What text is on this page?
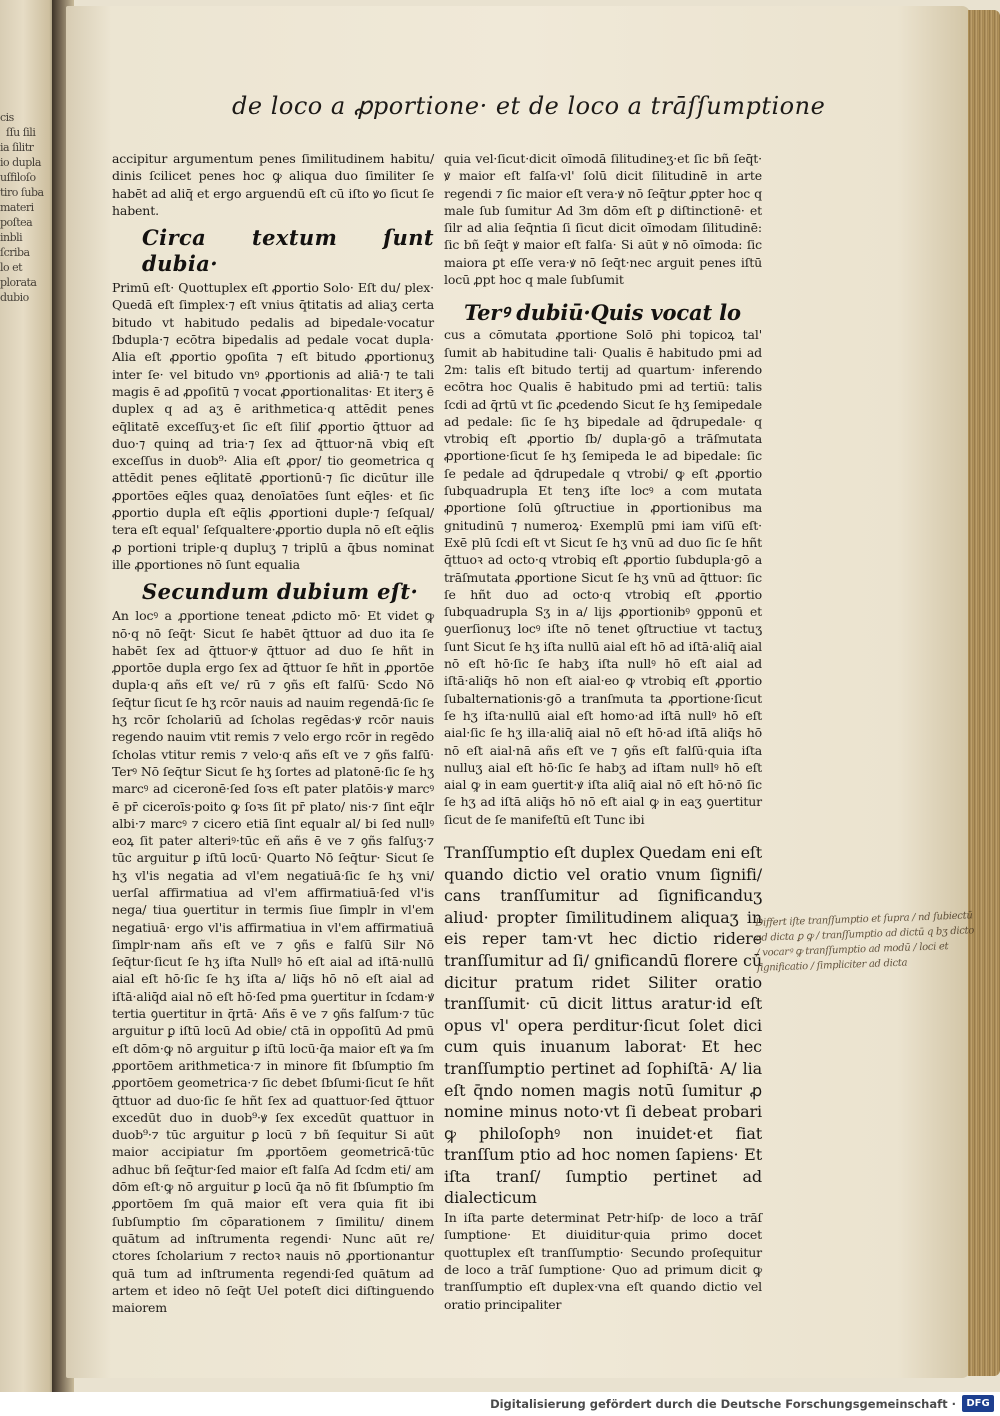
cis
ſſu ſili
ia ſilitr
io dupla
uſfiloſo
tiro ſuba
materi
poſtea
inbli
ſcriba
lo et
plorata
dubio
de loco a ꝓportione· et de loco a trāſſumptione

accipitur argumentum penes ſimilitudinem habitu/ dinis ſcilicet penes hoc ꝙ aliqua duo ſimiliter ſe habēt ad aliq̄ et ergo arguendū eſt cū iſto ꝟo ſicut ſe habent.

Circa textum ſunt dubia·

Primū eſt· Quottuplex eſt ꝓportio Solo· Eſt du/ plex· Quedā eſt ſimplex·⁊ eſt vnius q̄titatis ad aliaʒ certa bitudo vt habitudo pedalis ad bipedale·vocatur ſbdupla·⁊ ecōtra bipedalis ad pedale vocat dupla· Alia eſt ꝓportio ꝯpoſita ⁊ eſt bitudo ꝓportionuʒ inter ſe· vel bitudo vnꝰ ꝓportionis ad aliā·⁊ te tali magis ē ad ꝓpoſitū ⁊ vocat ꝓportionalitas· Et iterʒ ē duplex q ad aʒ ē arithmetica·q attēdit penes eq̄litatē exceſſuʒ·et ſic eſt ſiliſ ꝓportio q̄ttuor ad duo·⁊ quinq ad tria·⁊ ſex ad q̄ttuor·nā vbiq eſt exceſſus in duob⁹· Alia eſt ꝓpor/ tio geometrica q attēdit penes eq̄litatē ꝓportionū·⁊ ſic dicūtur ille ꝓportōes eq̄les quaꝝ denoīatōes ſunt eq̄les· et ſic ꝓportio dupla eſt eq̄lis ꝓportioni duple·⁊ ſeſqual/ tera eſt equal' ſeſqualtere·ꝓportio dupla nō eſt eq̄lis ꝓ portioni triple·q dupluʒ ⁊ triplū a q̄bus nominat ille ꝓportiones nō ſunt equalia

Secundum dubium eſt·

An locꝰ a ꝓportione teneat ꝓdicto mō· Et videt ꝙ nō·q nō ſeq̄t· Sicut ſe habēt q̄ttuor ad duo ita ſe habēt ſex ad q̄ttuor·ꝟ q̄ttuor ad duo ſe hñt in ꝓportōe dupla ergo ſex ad q̄ttuor ſe hñt in ꝓportōe dupla·q añs eſt ve/ rū ⁊ ꝯñs eſt falſū· Scdo Nō ſeq̄tur ſicut ſe hʒ rcōr nauis ad nauim regendā·ſic ſe hʒ rcōr ſcholariū ad ſcholas regēdas·ꝟ rcōr nauis regendo nauim vtit remis ⁊ velo ergo rcōr in regēdo ſcholas vtitur remis ⁊ velo·q añs eſt ve ⁊ ꝯñs falſū· Terꝰ Nō ſeq̄tur Sicut ſe hʒ ſortes ad platonē·ſic ſe hʒ marcꝰ ad ciceronē·ſed ſoꝛs eſt pater platōis·ꝟ marcꝰ ē pr̄ ciceroīs·poito ꝙ ſoꝛs ſit pr̄ plato/ nis·⁊ ſint eq̄lr albi·⁊ marcꝰ ⁊ cicero etiā ſint equalr al/ bi ſed nullꝰ eoꝝ ſit pater alteriꝰ·tūc eñ añs ē ve ⁊ ꝯñs falſuʒ·⁊ tūc arguitur ꝑ iſtū locū· Quarto Nō ſeq̄tur· Sicut ſe hʒ vl'is negatia ad vl'em negatiuā·ſic ſe hʒ vni/ uerſal affirmatiua ad vl'em affirmatiuā·ſed vl'is nega/ tiua ꝯuertitur in termis ſiue ſimplr in vl'em negatiuā· ergo vl'is affirmatiua in vl'em affirmatiuā ſimplr·nam añs eſt ve ⁊ ꝯñs e falſū Silr Nō ſeq̄tur·ſicut ſe hʒ iſta Nullꝰ hō eſt aial ad iſtā·nullū aial eſt hō·ſic ſe hʒ iſta a/ liq̄s hō nō eſt aial ad iſtā·aliq̄d aial nō eſt hō·ſed pma ꝯuertitur in ſcdam·ꝟ tertia ꝯuertitur in q̄rtā· Añs ē ve ⁊ ꝯñs falſum·⁊ tūc arguitur ꝑ iſtū locū Ad obie/ ctā in oppoſitū Ad pmū eſt dōm·ꝙ nō arguitur ꝑ iſtū locū·q̄a maior eſt ꝟa ſm ꝓportōem arithmetica·⁊ in minore fit ſbſumptio ſm ꝓportōem geometrica·⁊ ſic debet ſbſumi·ſicut ſe hñt q̄ttuor ad duo·ſic ſe hñt ſex ad quattuor·ſed q̄ttuor excedūt duo in duob⁹·ꝟ ſex excedūt quattuor in duob⁹·⁊ tūc arguitur ꝑ locū ⁊ bñ ſequitur Si aūt maior accipiatur ſm ꝓportōem geometricā·tūc adhuc bñ ſeq̄tur·ſed maior eſt falſa Ad ſcdm eti/ am dōm eſt·ꝙ nō arguitur ꝑ locū q̄a nō fit ſbſumptio ſm ꝓportōem ſm quā maior eſt vera quia fit ibi ſubſumptio ſm cōparationem ⁊ ſimilitu/ dinem quātum ad inſtrumenta regendi· Nunc aūt re/ ctores ſcholarium ⁊ rectoꝛ nauis nō ꝓportionantur quā tum ad inſtrumenta regendi·ſed quātum ad artem et ideo nō ſeq̄t Uel poteſt dici diſtinguendo maiorem

quia vel·ſicut·dicit oīmodā ſilitudineʒ·et ſic bñ ſeq̄t· ꝟ maior eſt falſa·vl' ſolū dicit ſilitudinē in arte regendi ⁊ ſic maior eſt vera·ꝟ nō ſeq̄tur ꝓpter hoc q male ſub ſumitur Ad 3m dōm eſt ꝑ diſtinctionē· et ſilr ad alia ſeq̄ntia ſi ſicut dicit oīmodam ſilitudinē: ſic bñ ſeq̄t ꝟ maior eſt falſa· Si aūt ꝟ nō oīmoda: ſic maiora ꝑt eſſe vera·ꝟ nō ſeq̄t·nec arguit penes iſtū locū ꝓpt hoc q male ſubſumit

Terꝰ dubiū·Quis vocat lo

cus a cōmutata ꝓportione Solō phi topicoꝝ tal' ſumit ab habitudine tali· Qualis ē habitudo pmi ad 2m: talis eſt bitudo tertij ad quartum· inferendo ecōtra hoc Qualis ē habitudo pmi ad tertiū: talis ſcdi ad q̄rtū vt ſic ꝓcedendo Sicut ſe hʒ ſemipedale ad pedale: ſic ſe hʒ bipedale ad q̄drupedale· q vtrobiq eſt ꝓportio ſb/ dupla·gō a trāſmutata ꝓportione·ſicut ſe hʒ ſemipeda le ad bipedale: ſic ſe pedale ad q̄drupedale q vtrobi/ ꝙ eſt ꝓportio ſubquadrupla Et tenʒ iſte locꝰ a com mutata ꝓportione ſolū ꝯſtructiue in ꝓportionibus ma gnitudinū ⁊ numeroꝝ· Exemplū pmi iam viſū eſt· Exē plū ſcdi eſt vt Sicut ſe hʒ vnū ad duo ſic ſe hñt q̄ttuoꝛ ad octo·q vtrobiq eſt ꝓportio ſubdupla·gō a trāſmutata ꝓportione Sicut ſe hʒ vnū ad q̄ttuor: ſic ſe hñt duo ad octo·q vtrobiq eſt ꝓportio ſubquadrupla Sʒ in a/ lijs ꝓportionibꝰ ꝯpponū et ꝯuerſionuʒ locꝰ iſte nō tenet ꝯſtructiue vt tactuʒ ſunt Sicut ſe hʒ iſta nullū aial eſt hō ad iſtā·aliq̄ aial nō eſt hō·ſic ſe habʒ iſta nullꝰ hō eſt aial ad iſtā·aliq̄s hō non eſt aial·eo ꝙ vtrobiq eſt ꝓportio ſubalternationis·gō a tranſmuta ta ꝓportione·ſicut ſe hʒ iſta·nullū aial eſt homo·ad iſtā nullꝰ hō eſt aial·ſic ſe hʒ illa·aliq̄ aial nō eſt hō·ad iſtā aliq̄s hō nō eſt aial·nā añs eſt ve ⁊ ꝯñs eſt falſū·quia iſta nulluʒ aial eſt hō·ſic ſe habʒ ad iſtam nullꝰ hō eſt aial ꝙ in eam ꝯuertit·ꝟ iſta aliq̄ aial nō eſt hō·nō ſic ſe hʒ ad iſtā aliq̄s hō nō eſt aial ꝙ in eaʒ ꝯuertitur ſicut de ſe manifeſtū eſt Tunc ibi

Tranſſumptio eſt duplex Quedam eni eſt quando dictio vel oratio vnum ſignifi/ cans tranſſumitur ad ſignificanduʒ aliud· propter ſimilitudinem aliquaʒ in eis reper tam·vt hec dictio ridere tranſſumitur ad ſi/ gnificandū florere cū dicitur pratum ridet Siliter oratio tranſſumit· cū dicit littus aratur·id eſt opus vl' opera perditur·ſicut ſolet dici cum quis inuanum laborat· Et hec tranſſumptio pertinet ad ſophiſtā· A/ lia eſt q̄ndo nomen magis notū ſumitur ꝓ nomine minus noto·vt ſi debeat probari ꝙ philoſophꝰ non inuidet·et fiat tranſſum ptio ad hoc nomen ſapiens· Et iſta tranſ/ ſumptio pertinet ad dialecticum

In iſta parte determinat Petr·hiſp· de loco a trāſ ſumptione· Et diuiditur·quia primo docet quottuplex eſt tranſſumptio· Secundo proſequitur de loco a trāſ ſumptione· Quo ad primum dicit ꝙ tranſſumptio eſt duplex·vna eſt quando dictio vel oratio principaliter

Differt iſte tranſſumptio et ſupra / nd ſubiectū ad dicta ꝑ ꝙ / tranſſumptio ad dictū q bʒ dicto / vocarꝰ ꝙ tranſſumptio ad modū / loci et ſignificatio / ſimpliciter ad dicta
Digitalisierung gefördert durch die Deutsche Forschungsgemeinschaft ·	DFG
